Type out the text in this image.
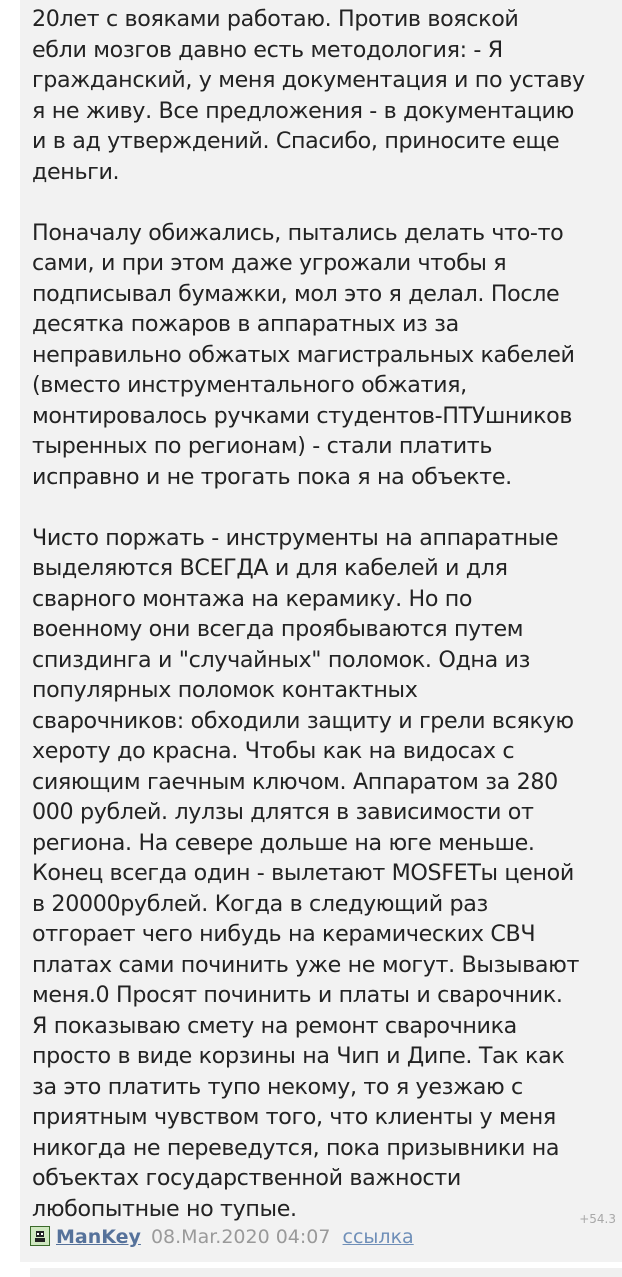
20лет с вояками работаю. Против вояской
ебли мозгов давно есть методология: - Я
гражданский, у меня документация и по уставу
я не живу. Все предложения - в документацию
и в ад утверждений. Спасибо, приносите еще
деньги.

Поначалу обижались, пытались делать что-то
сами, и при этом даже угрожали чтобы я
подписывал бумажки, мол это я делал. После
десятка пожаров в аппаратных из за
неправильно обжатых магистральных кабелей
(вместо инструментального обжатия,
монтировалось ручками студентов-ПТУшников
тыренных по регионам) - стали платить
исправно и не трогать пока я на объекте.

Чисто поржать - инструменты на аппаратные
выделяются ВСЕГДА и для кабелей и для
сварного монтажа на керамику. Но по
военному они всегда проябываются путем
спиздинга и "случайных" поломок. Одна из
популярных поломок контактных
сварочников: обходили защиту и грели всякую
хероту до красна. Чтобы как на видосах с
сияющим гаечным ключом. Аппаратом за 280
000 рублей. лулзы длятся в зависимости от
региона. На севере дольше на юге меньше.
Конец всегда один - вылетают MOSFETы ценой
в 20000рублей. Когда в следующий раз
отгорает чего нибудь на керамических СВЧ
платах сами починить уже не могут. Вызывают
меня.0 Просят починить и платы и сварочник.
Я показываю смету на ремонт сварочника
просто в виде корзины на Чип и Дипе. Так как
за это платить тупо некому, то я уезжаю с
приятным чувством того, что клиенты у меня
никогда не переведутся, пока призывники на
объектах государственной важности
любопытные но тупые.

ManKey 08.Mar.2020 04:07 ссылка
+54.3
